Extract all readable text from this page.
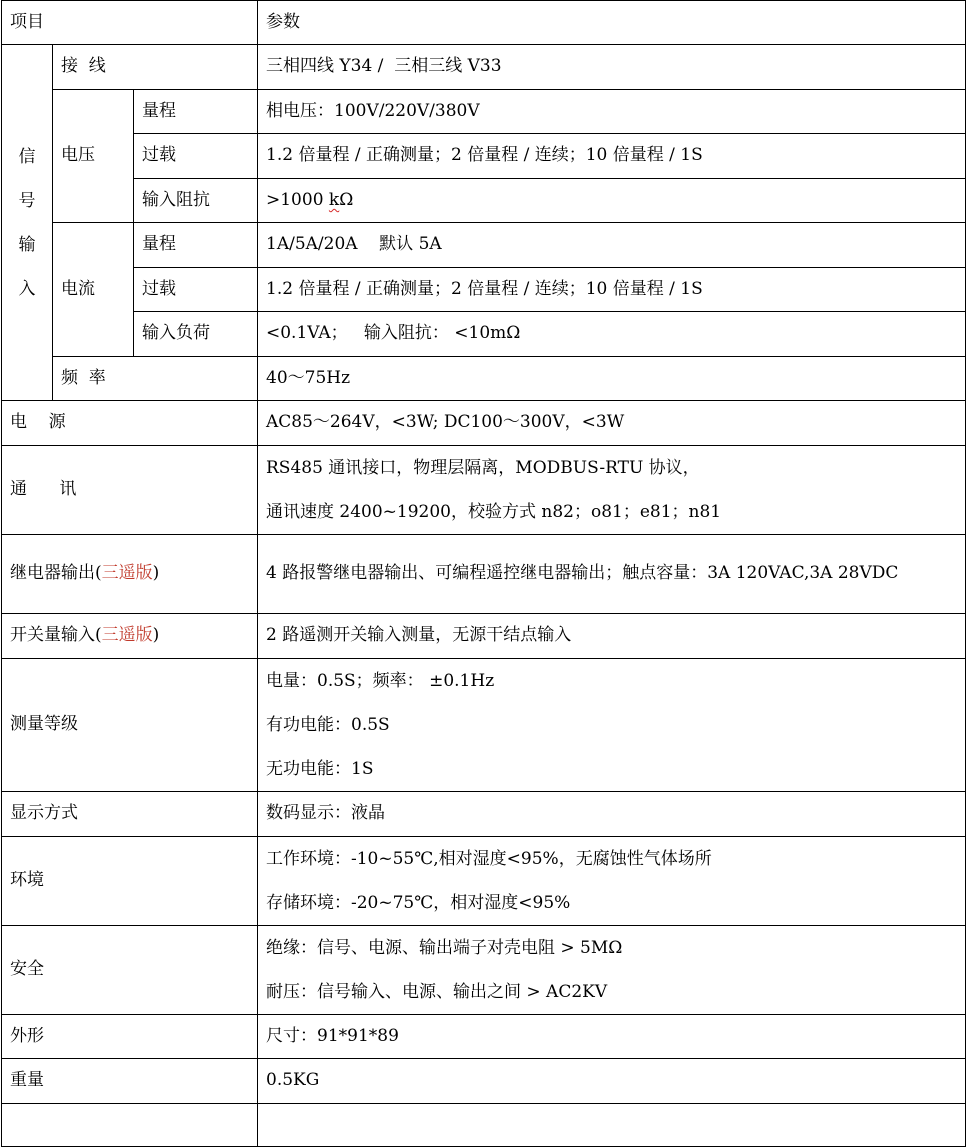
项目			参数

信
号
输
入	接  线		三相四线 Y34 /  三相三线 V33
	电压	量程	相电压：100V/220V/380V
		过载	1.2 倍量程 / 正确测量；2 倍量程 / 连续；10 倍量程 / 1S
		输入阻抗	>1000 kΩ
	电流	量程	1A/5A/20A    默认 5A
		过载	1.2 倍量程 / 正确测量；2 倍量程 / 连续；10 倍量程 / 1S
		输入负荷	<0.1VA；   输入阻抗： <10mΩ
	频  率		40～75Hz
电    源			AC85～264V，<3W; DC100～300V，<3W
通      讯			RS485 通讯接口，物理层隔离，MODBUS-RTU 协议，
通讯速度 2400~19200，校验方式 n82；o81；e81；n81

继电器输出(三遥版)			4 路报警继电器输出、可编程遥控继电器输出；触点容量：3A 120VAC,3A 28VDC
开关量输入(三遥版)			2 路遥测开关输入测量，无源干结点输入
测量等级			电量：0.5S；频率： ±0.1Hz
有功电能：0.5S
无功电能：1S

显示方式			数码显示：液晶
环境			工作环境：-10~55℃,相对湿度<95%，无腐蚀性气体场所
存储环境：-20~75℃，相对湿度<95%

安全			绝缘：信号、电源、输出端子对壳电阻 > 5MΩ
耐压：信号输入、电源、输出之间 > AC2KV

外形			尺寸：91*91*89
重量			0.5KG
